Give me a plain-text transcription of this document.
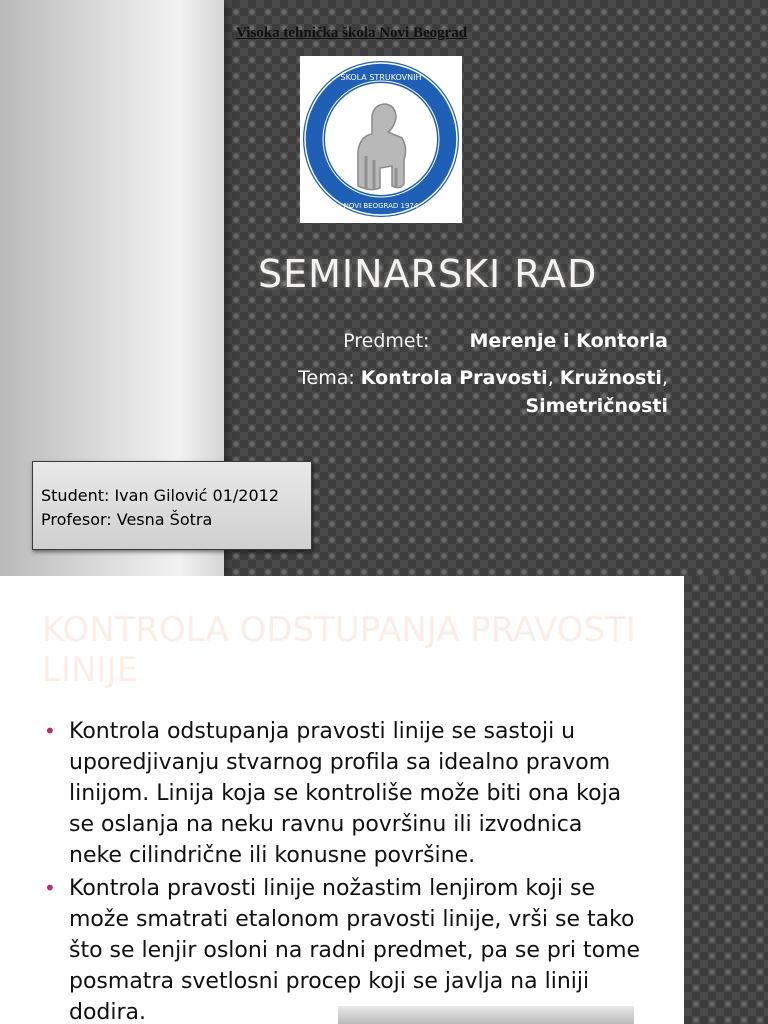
Visoka tehnička škola Novi Beograd
ŠKOLA STRUKOVNIH
NOVI BEOGRAD 1974
SEMINARSKI RAD
Predmet: Merenje i Kontorla
Tema: Kontrola Pravosti, Kružnosti,
Simetričnosti
Student: Ivan Gilović 01/2012
Profesor: Vesna Šotra
KONTROLA ODSTUPANJA PRAVOSTI LINIJE
• Kontrola odstupanja pravosti linije se sastoji u uporedjivanju stvarnog profila sa idealno pravom linijom. Linija koja se kontroliše može biti ona koja se oslanja na neku ravnu površinu ili izvodnica neke cilindrične ili konusne površine.
• Kontrola pravosti linije nožastim lenjirom koji se može smatrati etalonom pravosti linije, vrši se tako što se lenjir osloni na radni predmet, pa se pri tome posmatra svetlosni procep koji se javlja na liniji dodira.
